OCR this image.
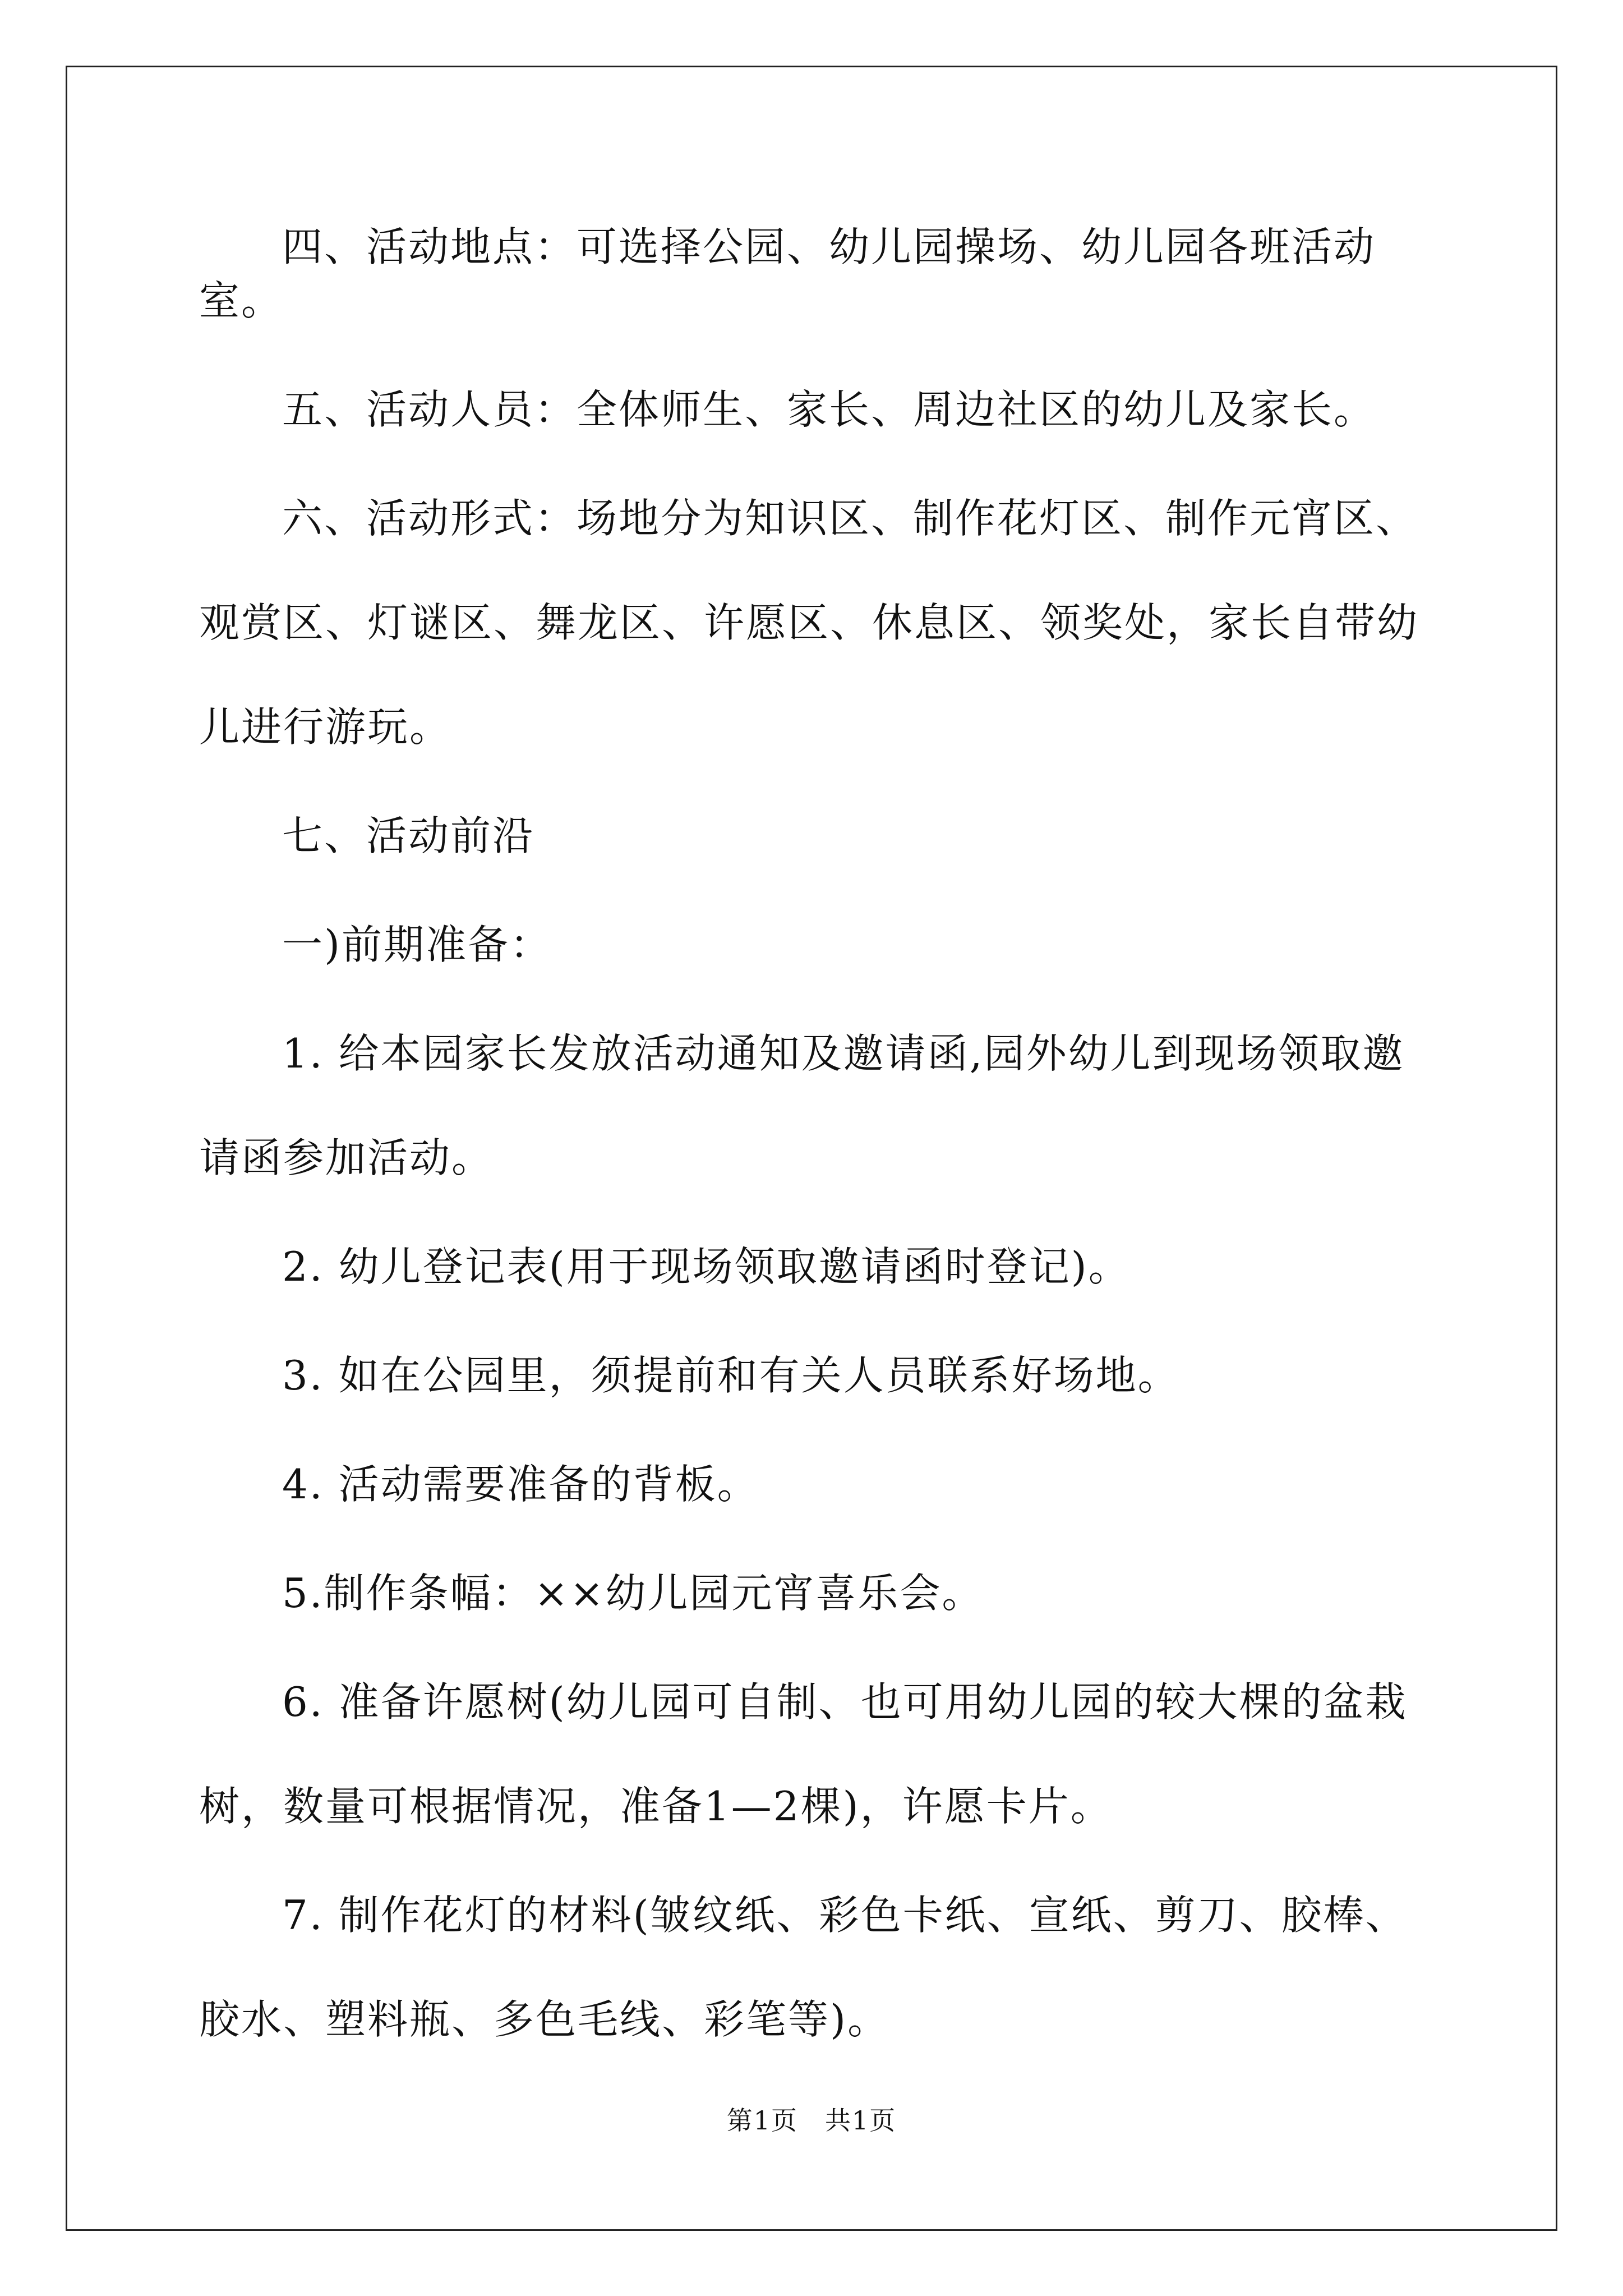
四、活动地点：可选择公园、幼儿园操场、幼儿园各班活动室。

五、活动人员：全体师生、家长、周边社区的幼儿及家长。

六、活动形式：场地分为知识区、制作花灯区、制作元宵区、观赏区、灯谜区、舞龙区、许愿区、休息区、领奖处，家长自带幼儿进行游玩。

七、活动前沿

一)前期准备：

1. 给本园家长发放活动通知及邀请函,园外幼儿到现场领取邀请函参加活动。

2. 幼儿登记表(用于现场领取邀请函时登记)。

3. 如在公园里，须提前和有关人员联系好场地。

4. 活动需要准备的背板。

5.制作条幅：××幼儿园元宵喜乐会。

6. 准备许愿树(幼儿园可自制、也可用幼儿园的较大棵的盆栽树，数量可根据情况，准备1—2棵)，许愿卡片。

7. 制作花灯的材料(皱纹纸、彩色卡纸、宣纸、剪刀、胶棒、胶水、塑料瓶、多色毛线、彩笔等)。

第1页　共1页
